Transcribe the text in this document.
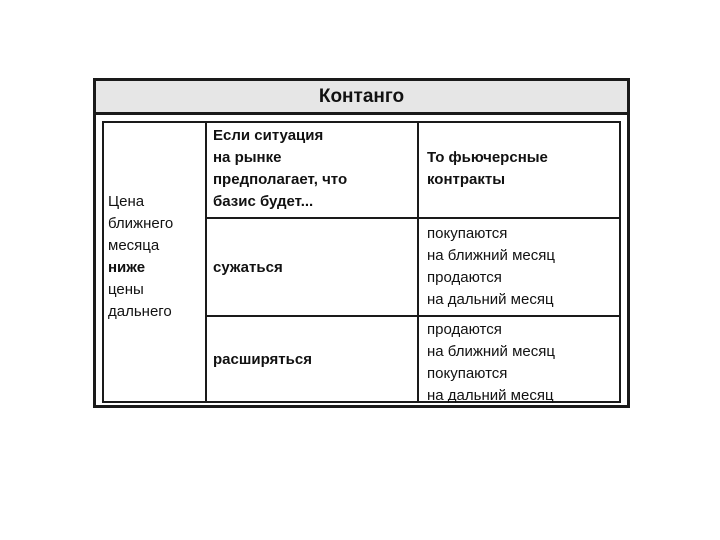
Контанго
Цена
ближнего
месяца
ниже
цены
дальнего
Если ситуация
на рынке
предполагает, что
базис будет...
То фьючерсные
контракты
сужаться
покупаются
на ближний месяц
продаются
на дальний месяц
расширяться
продаются
на ближний месяц
покупаются
на дальний месяц
